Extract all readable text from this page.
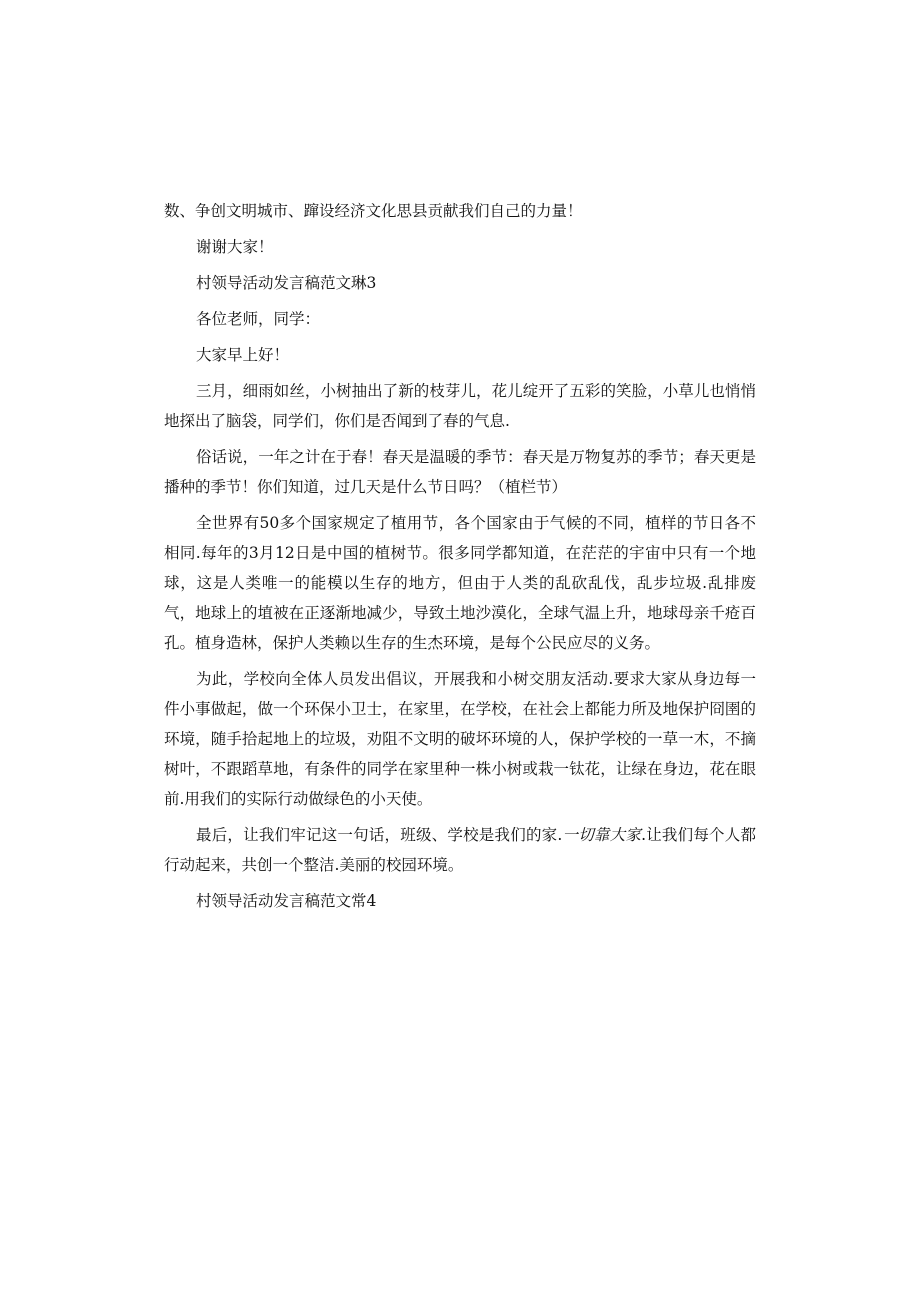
数、争创文明城市、蹿设经济文化思县贡献我们自己的力量！

谢谢大家！

村领导活动发言稿范文琳3

各位老师，同学：

大家早上好！

三月，细雨如丝，小树抽出了新的枝芽儿，花儿绽开了五彩的笑脸，小草儿也悄悄地探出了脑袋，同学们，你们是否闻到了春的气息.

俗话说，一年之计在于春！春天是温暖的季节：春天是万物复苏的季节；春天更是播种的季节！你们知道，过几天是什么节日吗？（植栏节）

全世界有50多个国家规定了植用节，各个国家由于气候的不同，植样的节日各不相同.每年的3月12日是中国的植树节。很多同学都知道，在茫茫的宇宙中只有一个地球，这是人类唯一的能模以生存的地方，但由于人类的乱砍乱伐，乱步垃圾.乱排废气，地球上的埴被在正逐渐地减少，导致土地沙漠化，全球气温上升，地球母亲千疮百孔。植身造林，保护人类赖以生存的生杰环境，是每个公民应尽的义务。

为此，学校向全体人员发出倡议，开展我和小树交朋友活动.要求大家从身边每一件小事做起，做一个环保小卫士，在家里，在学校，在社会上都能力所及地保护冏圉的环境，随手拾起地上的垃圾，劝阻不文明的破坏环境的人，保护学校的一草一木，不摘树叶，不跟蹈草地，有条件的同学在家里种一株小树或栽一钛花，让绿在身边，花在眼前.用我们的实际行动做绿色的小天使。

最后，让我们牢记这一句话，班级、学校是我们的家.一切靠大家.让我们每个人都行动起来，共创一个整洁.美丽的校园环境。

村领导活动发言稿范文常4
